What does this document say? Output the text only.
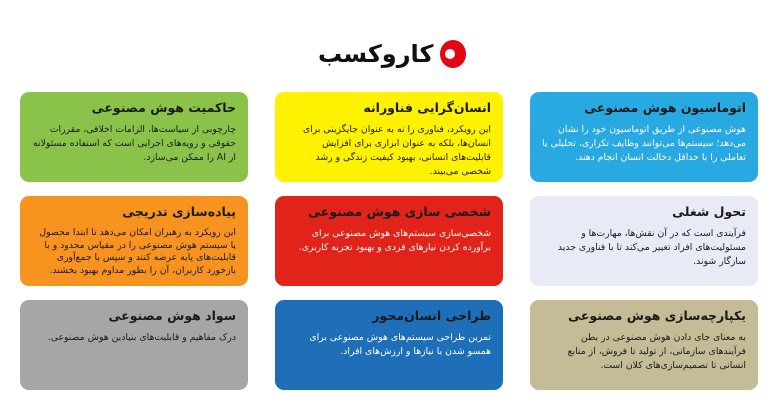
کاروکسب
حاکمیت هوش مصنوعی

چارچوبی از سیاست‌ها، الزامات اخلاقی، مقررات حقوقی و رویه‌های اجرایی است که استفاده مسئولانه از AI را ممکن می‌سازد.

انسان‌گرایی فناورانه

این رویکرد، فناوری را نه به عنوان جایگزینی برای انسان‌ها، بلکه به عنوان ابزاری برای افزایش قابلیت‌های انسانی، بهبود کیفیت زندگی و رشد شخصی می‌بیند.

اتوماسیون هوش مصنوعی

هوش مصنوعی از طریق اتوماسیون خود را نشان می‌دهد؛ سیستم‌ها می‌توانند وظایف تکراری، تحلیلی یا تعاملی را با حداقل دخالت انسان انجام دهند.

پیاده‌سازی تدریجی

این رویکرد به رهبران امکان می‌دهد تا ابتدا محصول یا سیستم هوش مصنوعی را در مقیاس محدود و با قابلیت‌های پایه عرضه کنند و سپس با جمع‌آوری بازخورد کاربران، آن را بطور مداوم بهبود بخشند.

شخصی سازی هوش مصنوعی

شخصی‌سازی سیستم‌های هوش مصنوعی برای برآورده کردن نیازهای فردی و بهبود تجربه کاربری.

تحول شغلی

فرآیندی است که در آن نقش‌ها، مهارت‌ها و مسئولیت‌های افراد تغییر می‌کند تا با فناوری جدید سازگار شوند.

سواد هوش مصنوعی

درک مفاهیم و قابلیت‌های بنیادین هوش مصنوعی.

طراحی انسان‌محور

تمرین طراحی سیستم‌های هوش مصنوعی برای همسو شدن با نیازها و ارزش‌های افراد.

یکپارچه‌سازی هوش مصنوعی

به معنای جای دادن هوش مصنوعی در بطن فرآیندهای سازمانی، از تولید تا فروش، از منابع انسانی تا تصمیم‌سازی‌های کلان است.
